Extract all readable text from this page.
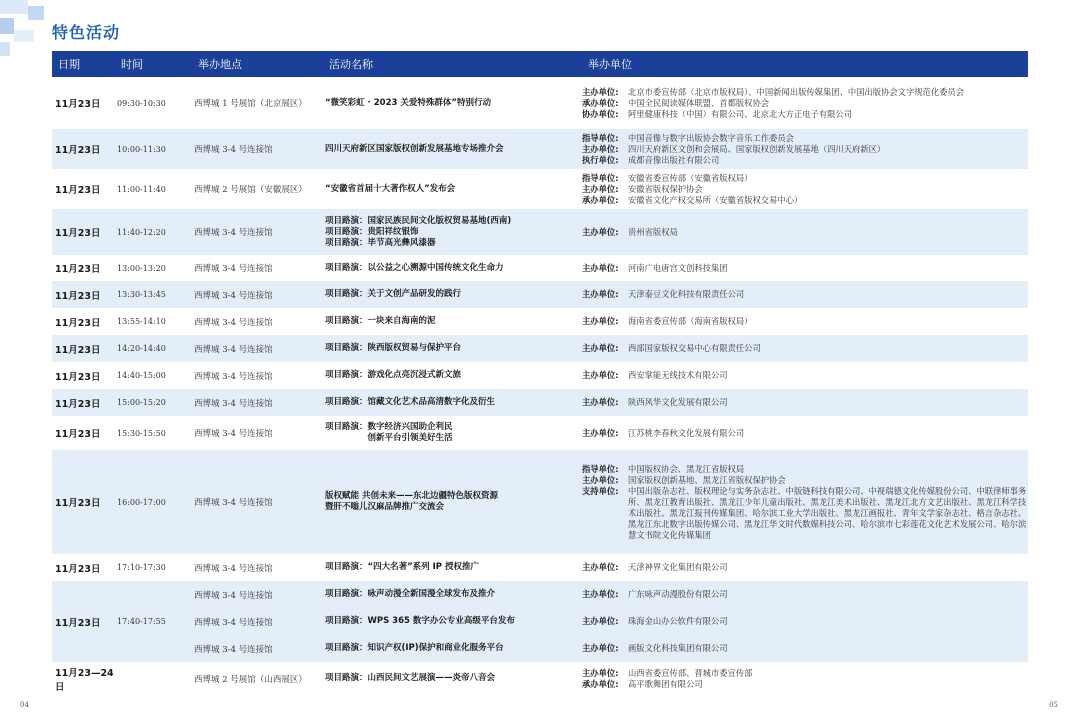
特色活动
日期	时间	举办地点	活动名称	举办单位
11月23日	09:30-10:30	西博城 1 号展馆（北京展区）	“微笑彩虹 · 2023 关爱特殊群体”特别行动
主办单位:	北京市委宣传部（北京市版权局）、中国新闻出版传媒集团、中国出版协会文字规范化委员会
承办单位:	中国全民阅读媒体联盟、首都版权协会
协办单位:	阿里健康科技（中国）有限公司、北京北大方正电子有限公司
11月23日	10:00-11:30	西博城 3-4 号连接馆	四川天府新区国家版权创新发展基地专场推介会
指导单位:	中国音像与数字出版协会数字音乐工作委员会
主办单位:	四川天府新区文创和会展局、国家版权创新发展基地（四川天府新区）
执行单位:	成都音像出版社有限公司
11月23日	11:00-11:40	西博城 2 号展馆（安徽展区）	“安徽省首届十大著作权人”发布会
指导单位:	安徽省委宣传部（安徽省版权局）
主办单位:	安徽省版权保护协会
承办单位:	安徽省文化产权交易所（安徽省版权交易中心）
11月23日	11:40-12:20	西博城 3-4 号连接馆
项目路演：国家民族民间文化版权贸易基地(西南)
项目路演：贵阳祥纹银饰
项目路演：毕节高光彝风漆器
主办单位:	贵州省版权局
11月23日	13:00-13:20	西博城 3-4 号连接馆	项目路演：以公益之心溯源中国传统文化生命力	主办单位:	河南广电唐宫文创科技集团
11月23日	13:30-13:45	西博城 3-4 号连接馆	项目路演：关于文创产品研发的践行	主办单位:	天津泰豆文化科技有限责任公司
11月23日	13:55-14:10	西博城 3-4 号连接馆	项目路演：一块来自海南的泥	主办单位:	海南省委宣传部（海南省版权局）
11月23日	14:20-14:40	西博城 3-4 号连接馆	项目路演：陕西版权贸易与保护平台	主办单位:	西部国家版权交易中心有限责任公司
11月23日	14:40-15:00	西博城 3-4 号连接馆	项目路演：游戏化点亮沉浸式新文旅	主办单位:	西安掌能无线技术有限公司
11月23日	15:00-15:20	西博城 3-4 号连接馆	项目路演：馆藏文化艺术品高清数字化及衍生	主办单位:	陕西风华文化发展有限公司
11月23日	15:30-15:50	西博城 3-4 号连接馆
项目路演：数字经济兴国助企利民
　　　　　创新平台引领美好生活
主办单位:	江苏桃李春秋文化发展有限公司
11月23日	16:00-17:00	西博城 3-4 号连接馆
版权赋能 共创未来——东北边疆特色版权资源
暨肝不嗡儿汉麻品牌推广交流会
指导单位:	中国版权协会、黑龙江省版权局
主办单位:	国家版权创新基地、黑龙江省版权保护协会
支持单位:	中国出版杂志社、版权理论与实务杂志社、中版链科技有限公司、中视瑞德文化传媒股份公司、中联律师事务所、黑龙江教育出版社、黑龙江少年儿童出版社、黑龙江美术出版社、黑龙江北方文艺出版社、黑龙江科学技术出版社、黑龙江报刊传媒集团、哈尔滨工业大学出版社、黑龙江画报社、青年文学家杂志社、格言杂志社、黑龙江东北数字出版传媒公司、黑龙江华文时代数媒科技公司、哈尔滨市七彩莲花文化艺术发展公司、哈尔滨慧文书院文化传媒集团
11月23日	17:10-17:30	西博城 3-4 号连接馆	项目路演：“四大名著”系列 IP 授权推广	主办单位:	天津神界文化集团有限公司
11月23日	17:40-17:55
西博城 3-4 号连接馆	项目路演：咏声动漫全新国漫全球发布及推介	主办单位:	广东咏声动漫股份有限公司
西博城 3-4 号连接馆	项目路演：WPS 365 数字办公专业高级平台发布	主办单位:	珠海金山办公软件有限公司
西博城 3-4 号连接馆	项目路演：知识产权(IP)保护和商业化服务平台	主办单位:	画版文化科技集团有限公司
11月23—24日
西博城 2 号展馆（山西展区）	项目路演：山西民间文艺展演——炎帝八音会
主办单位:	山西省委宣传部、晋城市委宣传部
承办单位:	高平歌舞团有限公司
04	05
